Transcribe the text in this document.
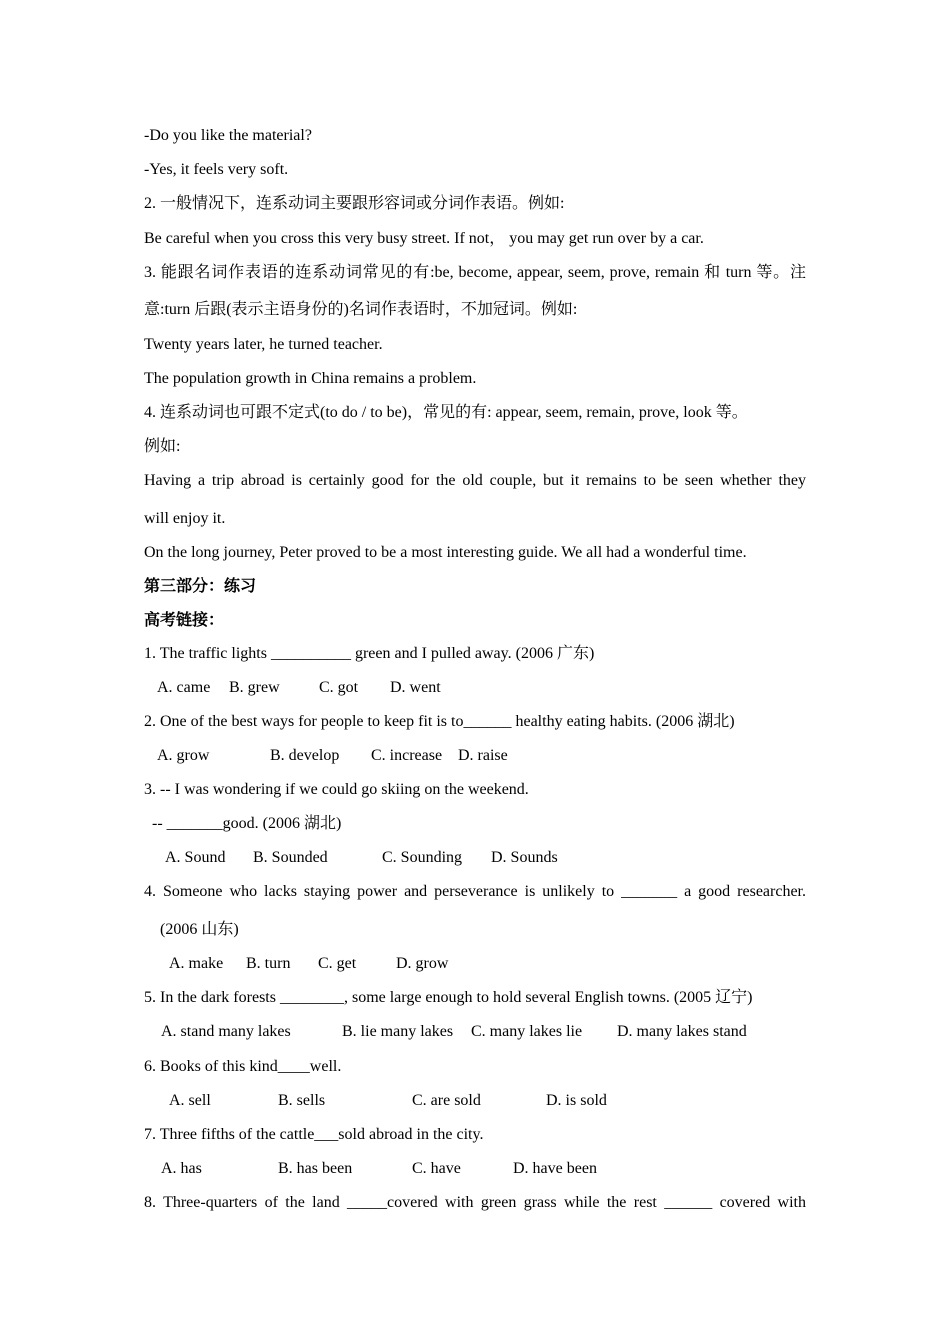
-Do you like the material?
-Yes, it feels very soft.
2. 一般情况下，连系动词主要跟形容词或分词作表语。例如:
Be careful when you cross this very busy street. If not， you may get run over by a car.
3. 能跟名词作表语的连系动词常见的有:be, become, appear, seem, prove, remain 和 turn 等。注
意:turn 后跟(表示主语身份的)名词作表语时，不加冠词。例如:
Twenty years later, he turned teacher.
The population growth in China remains a problem.
4. 连系动词也可跟不定式(to do / to be)，常见的有: appear, seem, remain, prove, look 等。
例如:
Having a trip abroad is certainly good for the old couple, but it remains to be seen whether they
will enjoy it.
On the long journey, Peter proved to be a most interesting guide. We all had a wonderful time.
第三部分：练习
高考链接：
1. The traffic lights __________ green and I pulled away. (2006 广东)
A. came B. grew C. got D. went
2. One of the best ways for people to keep fit is to______ healthy eating habits. (2006 湖北)
A. grow	B. develop C. increase D. raise
3. -- I was wondering if we could go skiing on the weekend.
-- _______good. (2006 湖北)
A. Sound B. Sounded	C. Sounding D. Sounds
4. Someone who lacks staying power and perseverance is unlikely to _______ a good researcher.
(2006 山东)
A. make B. turn C. get D. grow
5. In the dark forests ________, some large enough to hold several English towns. (2005 辽宁)
A. stand many lakes	B. lie many lakes C. many lakes lie D. many lakes stand
6. Books of this kind____well.
A. sell	B. sells	C. are sold	D. is sold
7. Three fifths of the cattle___sold abroad in the city.
A. has	B. has been	C. have	D. have been
8. Three-quarters of the land _____covered with green grass while the rest ______ covered with
